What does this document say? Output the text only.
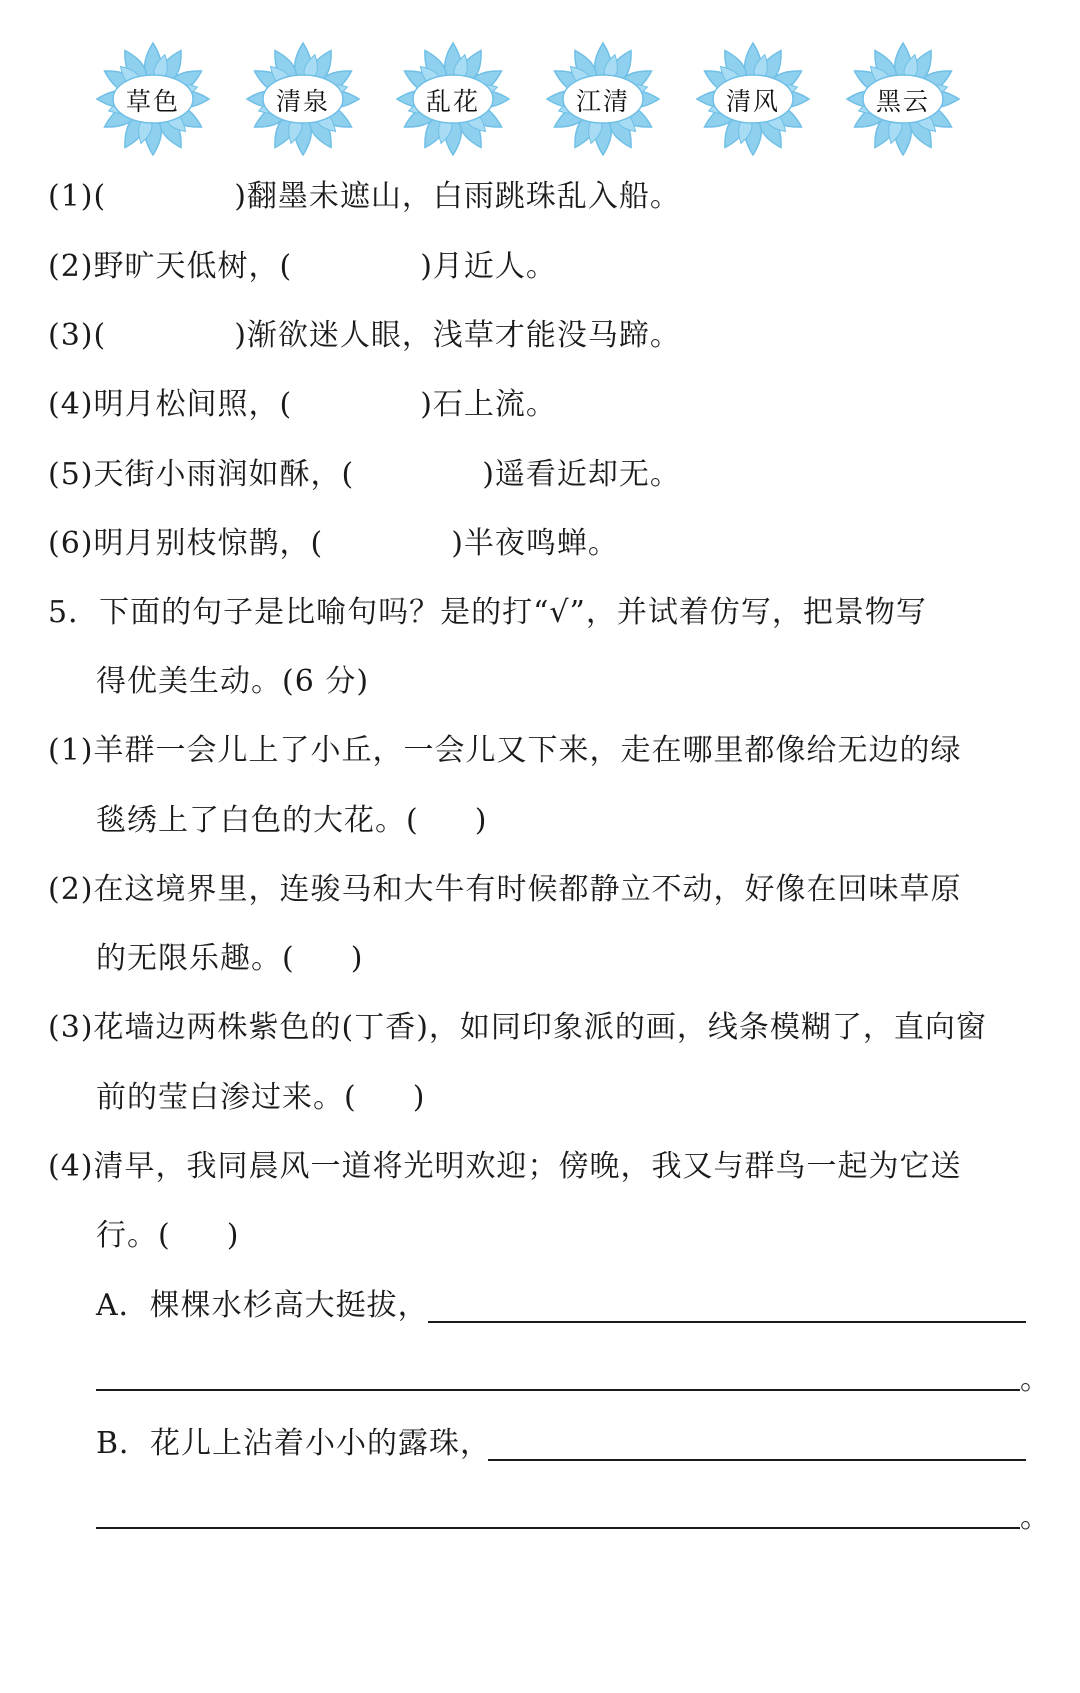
草色	清泉	乱花	江清	清风	黑云
(1)(	)翻墨未遮山，白雨跳珠乱入船。
(2)野旷天低树，(	)月近人。
(3)(	)渐欲迷人眼，浅草才能没马蹄。
(4)明月松间照，(	)石上流。
(5)天街小雨润如酥，(	)遥看近却无。
(6)明月别枝惊鹊，(	)半夜鸣蝉。
5．下面的句子是比喻句吗？是的打“√”，并试着仿写，把景物写
得优美生动。(6 分)
(1)羊群一会儿上了小丘，一会儿又下来，走在哪里都像给无边的绿
毯绣上了白色的大花。( )
(2)在这境界里，连骏马和大牛有时候都静立不动，好像在回味草原
的无限乐趣。( )
(3)花墙边两株紫色的(丁香)，如同印象派的画，线条模糊了，直向窗
前的莹白渗过来。( )
(4)清早，我同晨风一道将光明欢迎；傍晚，我又与群鸟一起为它送
行。( )
A．棵棵水杉高大挺拔，
。
B．花儿上沾着小小的露珠，
。
